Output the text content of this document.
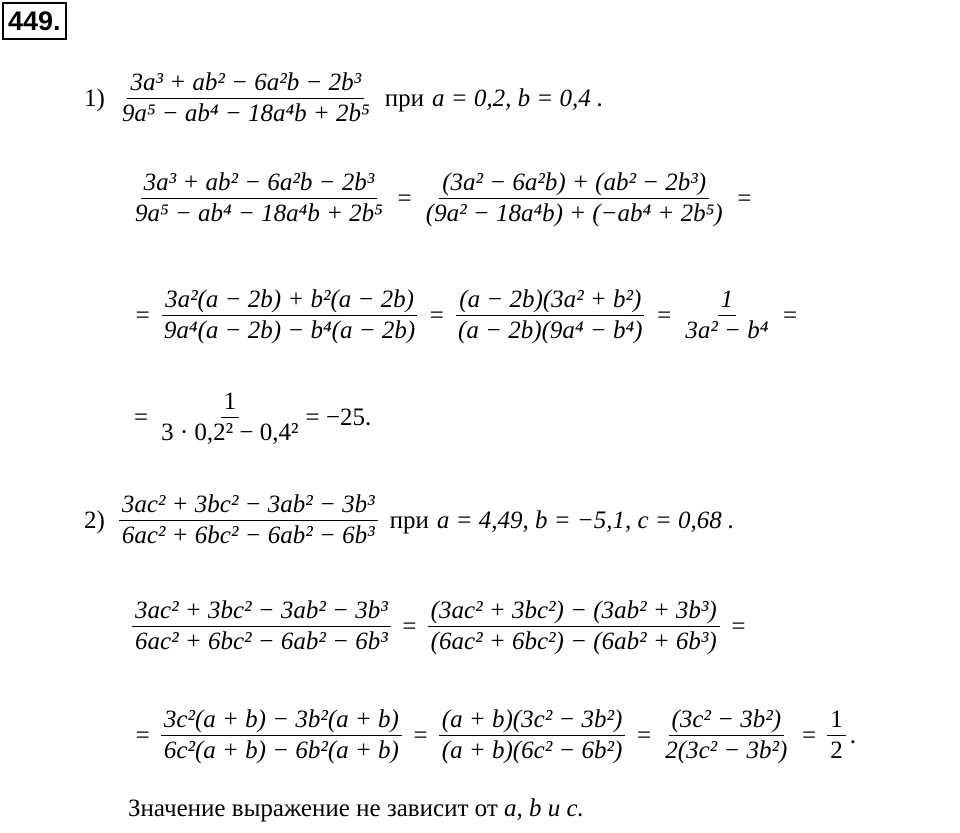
449.
$1) \frac{\text{3a³ + ab² − 6a²b − 2b³}}{\text{9a⁵ − ab⁴ − 18a⁴b + 2b⁵}}$ при a = 0,2, b = 0,4 .
$\frac{\text{3a³ + ab² − 6a²b − 2b³}}{\text{9a⁵ − ab⁴ − 18a⁴b + 2b⁵}} = \frac{\text{(3a² − 6a²b) + (ab² − 2b³)}}{\text{(9a² − 18a⁴b) + (−ab⁴ + 2b⁵)}}$ =
= $\frac{\text{3a²(a − 2b) + b²(a − 2b)}}{\text{9a⁴(a − 2b) − b⁴(a − 2b)}} = \frac{\text{(a − 2b)(3a² + b²)}}{\text{(a − 2b)(9a⁴ − b⁴)}} = \frac{1}{\text{3a² − b⁴}}$ =
= $\frac{1}{\text{3 · 0,2² − 0,4²}} = -25$.
$2) \frac{\text{3ac² + 3bc² − 3ab² − 3b³}}{\text{6ac² + 6bc² − 6ab² − 6b³}}$ при a = 4,49, b = −5,1, c = 0,68 .
$\frac{\text{3ac² + 3bc² − 3ab² − 3b³}}{\text{6ac² + 6bc² − 6ab² − 6b³}} = \frac{\text{(3ac² + 3bc²) − (3ab² + 3b³)}}{\text{(6ac² + 6bc²) − (6ab² + 6b³)}}$ =
= $\frac{\text{3c²(a + b) − 3b²(a + b)}}{\text{6c²(a + b) − 6b²(a + b)}} = \frac{\text{(a + b)(3c² − 3b²)}}{\text{(a + b)(6c² − 6b²)}} = \frac{\text{(3c² − 3b²)}}{\text{2(3c² − 3b²)}} = \frac{1}{2}$ .
Значение выражение не зависит от a, b и c.
